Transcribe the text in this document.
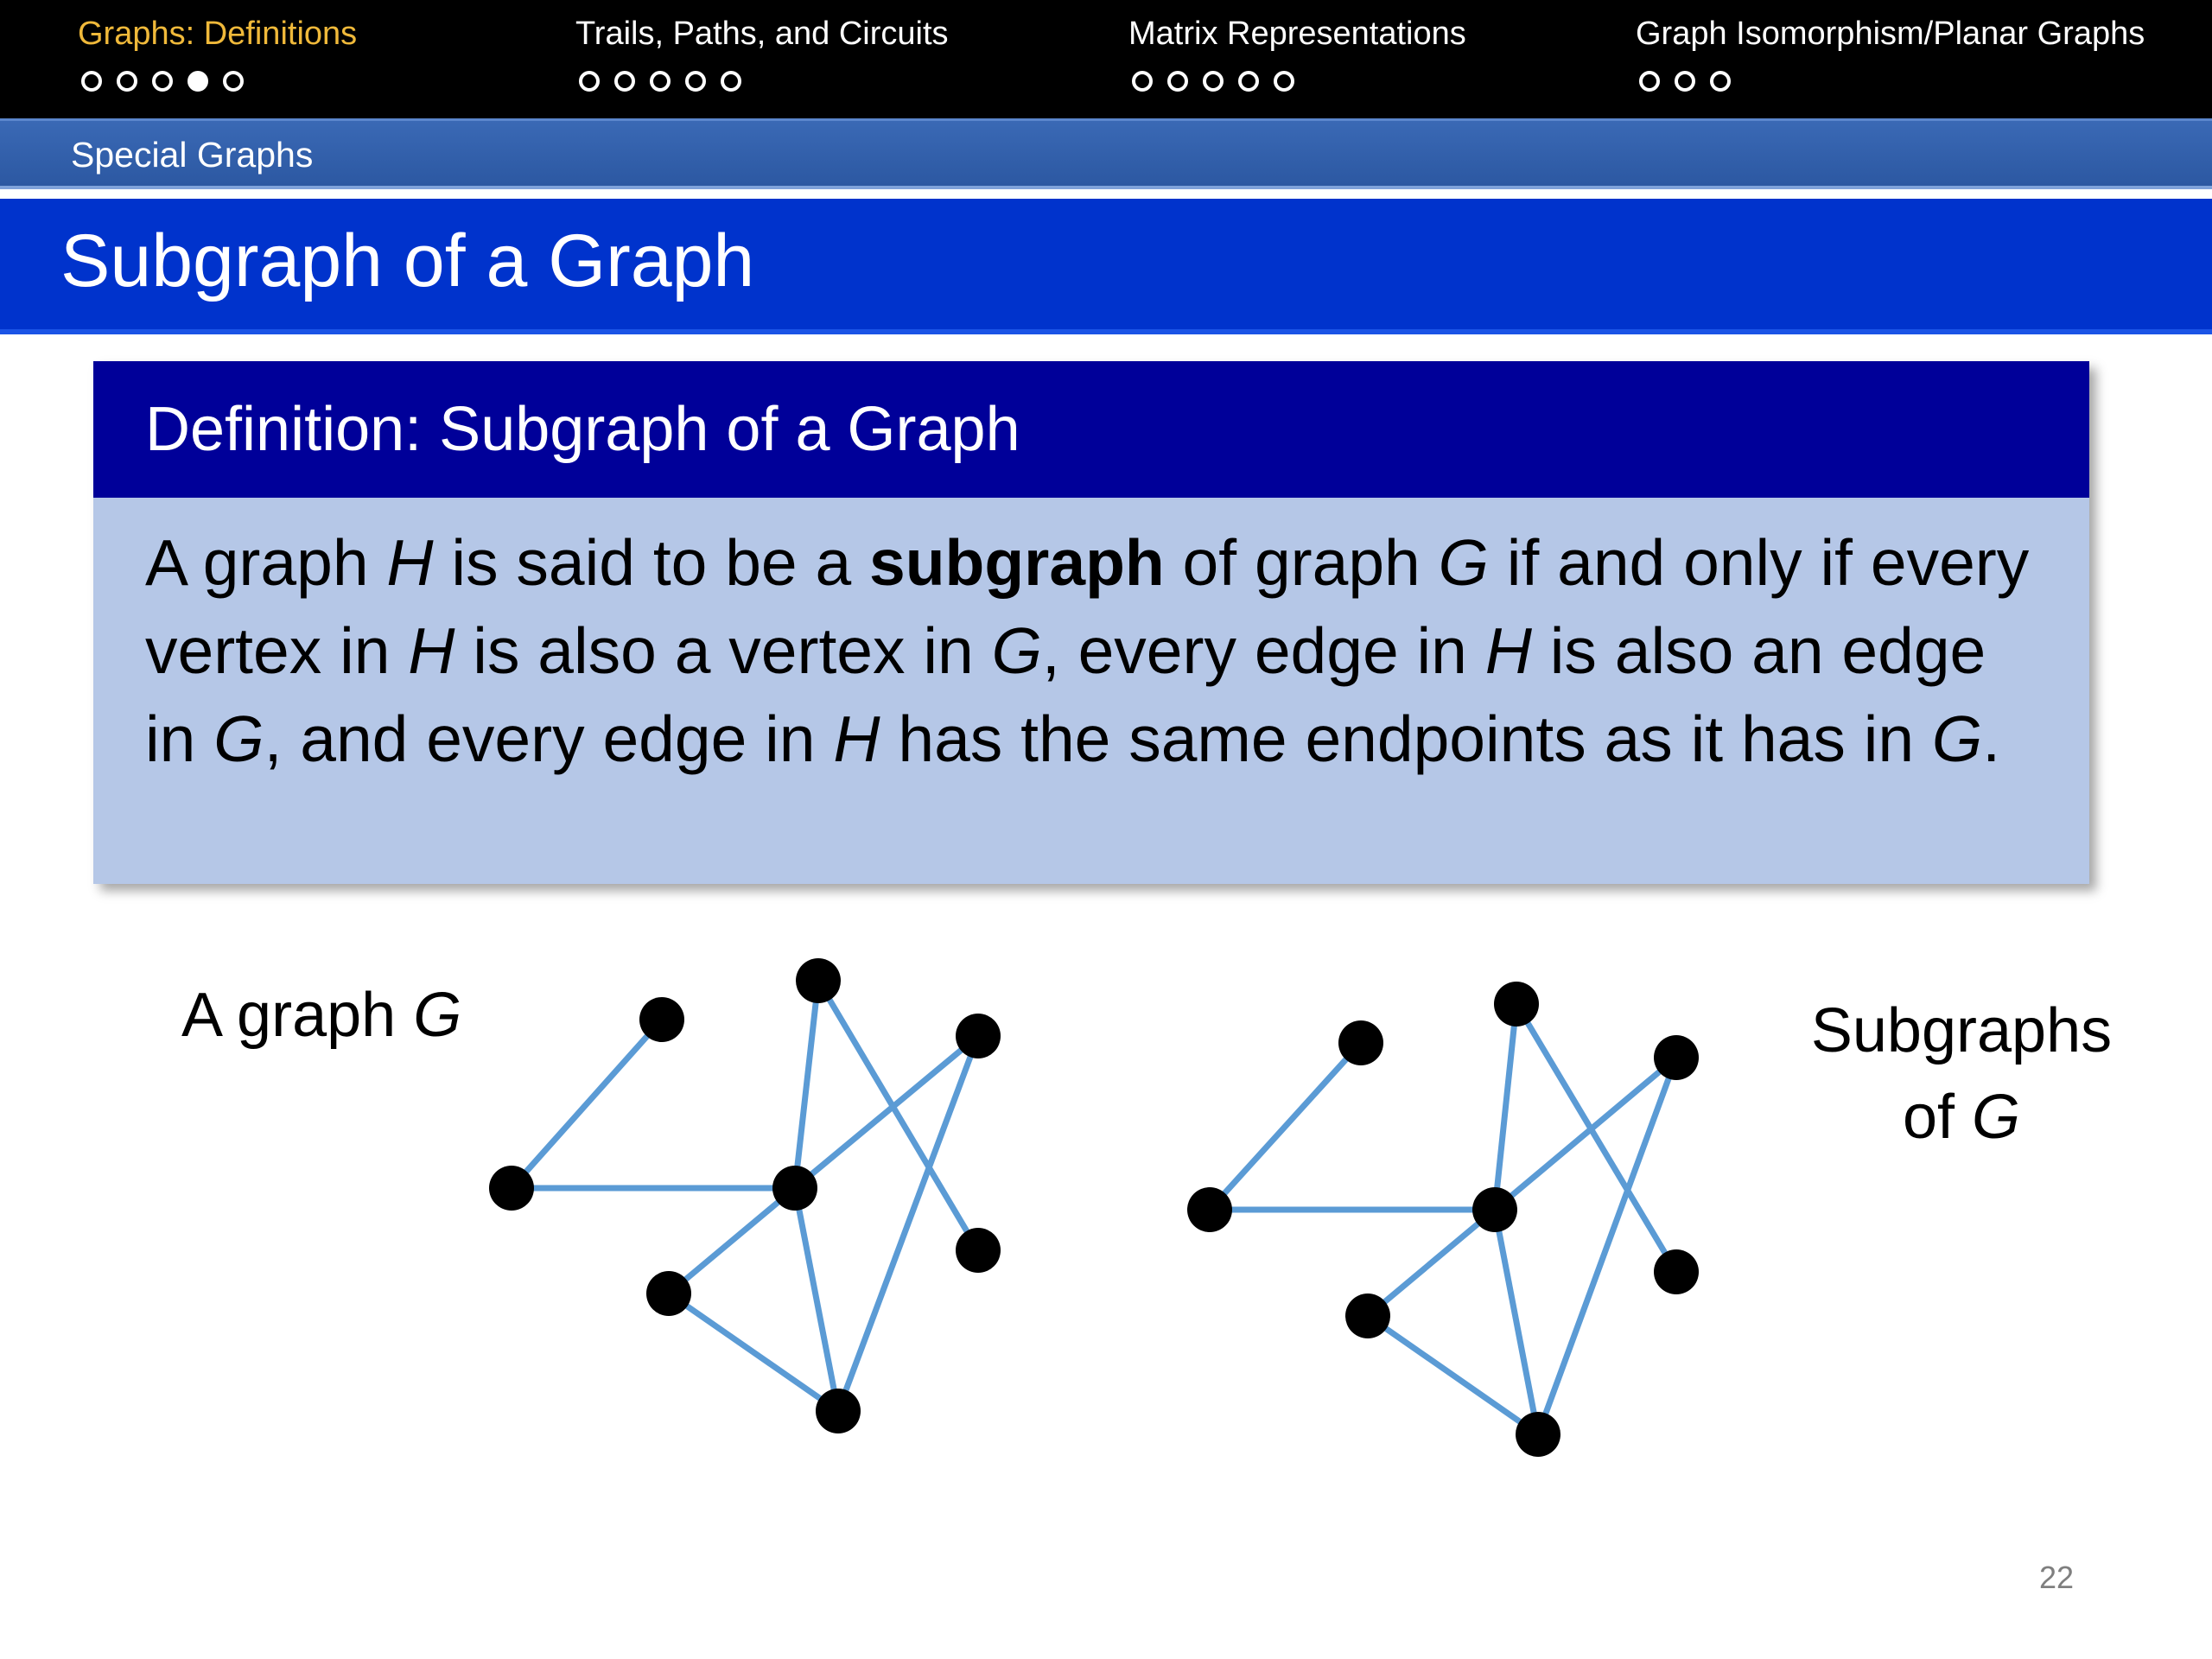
Graphs: Definitions	Trails, Paths, and Circuits	Matrix Representations	Graph Isomorphism/Planar Graphs
Special Graphs
Subgraph of a Graph
Definition: Subgraph of a Graph
A graph H is said to be a subgraph of graph G if and only if every vertex in H is also a vertex in G, every edge in H is also an edge in G, and every edge in H has the same endpoints as it has in G.
A graph G	Subgraphs
of G
22
